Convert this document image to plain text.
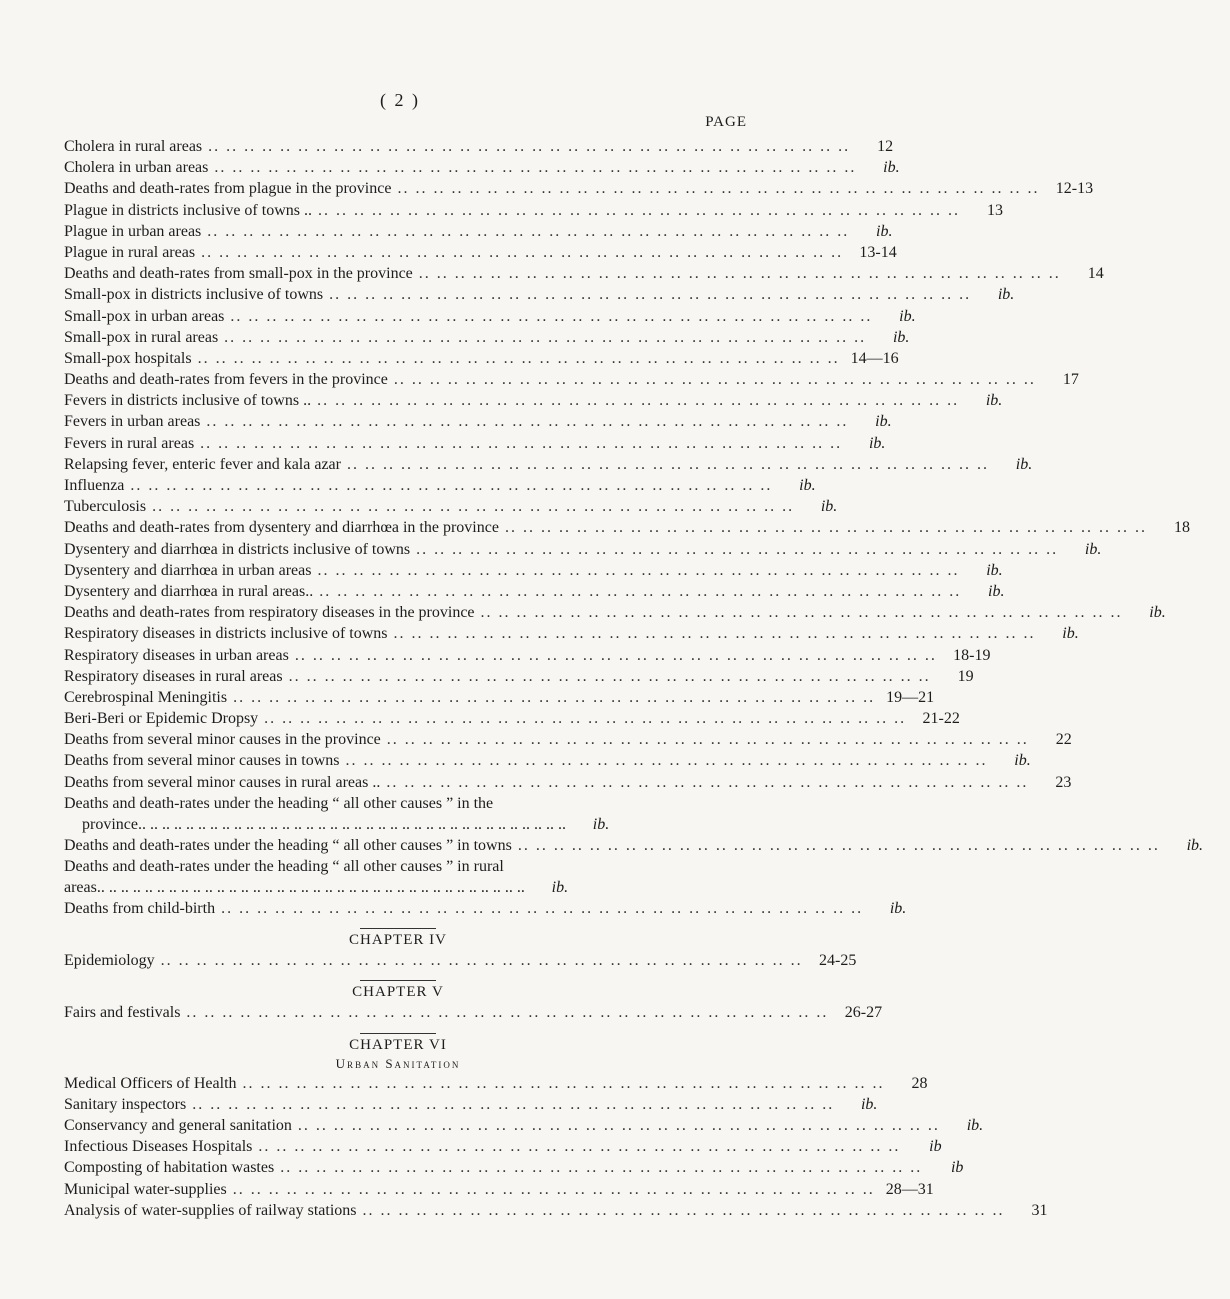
( 2 )
PAGE
Cholera in rural areas .. .. .. .. .. .. .. .. .. .. .. .. .. .. .. .. .. .. .. .. .. .. .. .. .. .. .. .. .. .. .. .. .. .. .. ..	12
Cholera in urban areas .. .. .. .. .. .. .. .. .. .. .. .. .. .. .. .. .. .. .. .. .. .. .. .. .. .. .. .. .. .. .. .. .. .. .. ..	ib.
Deaths and death-rates from plague in the province .. .. .. .. .. .. .. .. .. .. .. .. .. .. .. .. .. .. .. .. .. .. .. .. .. .. .. .. .. .. .. .. .. .. .. ..	12-13
Plague in districts inclusive of towns .. .. .. .. .. .. .. .. .. .. .. .. .. .. .. .. .. .. .. .. .. .. .. .. .. .. .. .. .. .. .. .. .. .. .. .. ..	13
Plague in urban areas .. .. .. .. .. .. .. .. .. .. .. .. .. .. .. .. .. .. .. .. .. .. .. .. .. .. .. .. .. .. .. .. .. .. .. ..	ib.
Plague in rural areas .. .. .. .. .. .. .. .. .. .. .. .. .. .. .. .. .. .. .. .. .. .. .. .. .. .. .. .. .. .. .. .. .. .. .. ..	13-14
Deaths and death-rates from small-pox in the province .. .. .. .. .. .. .. .. .. .. .. .. .. .. .. .. .. .. .. .. .. .. .. .. .. .. .. .. .. .. .. .. .. .. .. ..	14
Small-pox in districts inclusive of towns .. .. .. .. .. .. .. .. .. .. .. .. .. .. .. .. .. .. .. .. .. .. .. .. .. .. .. .. .. .. .. .. .. .. .. ..	ib.
Small-pox in urban areas .. .. .. .. .. .. .. .. .. .. .. .. .. .. .. .. .. .. .. .. .. .. .. .. .. .. .. .. .. .. .. .. .. .. .. ..	ib.
Small-pox in rural areas .. .. .. .. .. .. .. .. .. .. .. .. .. .. .. .. .. .. .. .. .. .. .. .. .. .. .. .. .. .. .. .. .. .. .. ..	ib.
Small-pox hospitals .. .. .. .. .. .. .. .. .. .. .. .. .. .. .. .. .. .. .. .. .. .. .. .. .. .. .. .. .. .. .. .. .. .. .. .. 14—16
Deaths and death-rates from fevers in the province .. .. .. .. .. .. .. .. .. .. .. .. .. .. .. .. .. .. .. .. .. .. .. .. .. .. .. .. .. .. .. .. .. .. .. ..	17
Fevers in districts inclusive of towns .. .. .. .. .. .. .. .. .. .. .. .. .. .. .. .. .. .. .. .. .. .. .. .. .. .. .. .. .. .. .. .. .. .. .. .. ..	ib.
Fevers in urban areas .. .. .. .. .. .. .. .. .. .. .. .. .. .. .. .. .. .. .. .. .. .. .. .. .. .. .. .. .. .. .. .. .. .. .. ..	ib.
Fevers in rural areas .. .. .. .. .. .. .. .. .. .. .. .. .. .. .. .. .. .. .. .. .. .. .. .. .. .. .. .. .. .. .. .. .. .. .. ..	ib.
Relapsing fever, enteric fever and kala azar .. .. .. .. .. .. .. .. .. .. .. .. .. .. .. .. .. .. .. .. .. .. .. .. .. .. .. .. .. .. .. .. .. .. .. ..	ib.
Influenza .. .. .. .. .. .. .. .. .. .. .. .. .. .. .. .. .. .. .. .. .. .. .. .. .. .. .. .. .. .. .. .. .. .. .. ..	ib.
Tuberculosis .. .. .. .. .. .. .. .. .. .. .. .. .. .. .. .. .. .. .. .. .. .. .. .. .. .. .. .. .. .. .. .. .. .. .. ..	ib.
Deaths and death-rates from dysentery and diarrhœa in the province .. .. .. .. .. .. .. .. .. .. .. .. .. .. .. .. .. .. .. .. .. .. .. .. .. .. .. .. .. .. .. .. .. .. .. ..	18
Dysentery and diarrhœa in districts inclusive of towns .. .. .. .. .. .. .. .. .. .. .. .. .. .. .. .. .. .. .. .. .. .. .. .. .. .. .. .. .. .. .. .. .. .. .. ..	ib.
Dysentery and diarrhœa in urban areas .. .. .. .. .. .. .. .. .. .. .. .. .. .. .. .. .. .. .. .. .. .. .. .. .. .. .. .. .. .. .. .. .. .. .. ..	ib.
Dysentery and diarrhœa in rural areas.. .. .. .. .. .. .. .. .. .. .. .. .. .. .. .. .. .. .. .. .. .. .. .. .. .. .. .. .. .. .. .. .. .. .. .. ..	ib.
Deaths and death-rates from respiratory diseases in the province .. .. .. .. .. .. .. .. .. .. .. .. .. .. .. .. .. .. .. .. .. .. .. .. .. .. .. .. .. .. .. .. .. .. .. ..	ib.
Respiratory diseases in districts inclusive of towns .. .. .. .. .. .. .. .. .. .. .. .. .. .. .. .. .. .. .. .. .. .. .. .. .. .. .. .. .. .. .. .. .. .. .. ..	ib.
Respiratory diseases in urban areas .. .. .. .. .. .. .. .. .. .. .. .. .. .. .. .. .. .. .. .. .. .. .. .. .. .. .. .. .. .. .. .. .. .. .. ..	18-19
Respiratory diseases in rural areas .. .. .. .. .. .. .. .. .. .. .. .. .. .. .. .. .. .. .. .. .. .. .. .. .. .. .. .. .. .. .. .. .. .. .. ..	19
Cerebrospinal Meningitis .. .. .. .. .. .. .. .. .. .. .. .. .. .. .. .. .. .. .. .. .. .. .. .. .. .. .. .. .. .. .. .. .. .. .. .. 19—21
Beri-Beri or Epidemic Dropsy .. .. .. .. .. .. .. .. .. .. .. .. .. .. .. .. .. .. .. .. .. .. .. .. .. .. .. .. .. .. .. .. .. .. .. ..	21-22
Deaths from several minor causes in the province .. .. .. .. .. .. .. .. .. .. .. .. .. .. .. .. .. .. .. .. .. .. .. .. .. .. .. .. .. .. .. .. .. .. .. ..	22
Deaths from several minor causes in towns .. .. .. .. .. .. .. .. .. .. .. .. .. .. .. .. .. .. .. .. .. .. .. .. .. .. .. .. .. .. .. .. .. .. .. ..	ib.
Deaths from several minor causes in rural areas .. .. .. .. .. .. .. .. .. .. .. .. .. .. .. .. .. .. .. .. .. .. .. .. .. .. .. .. .. .. .. .. .. .. .. .. ..	23
Deaths and death-rates under the heading “ all other causes ” in the
province .. .. .. .. .. .. .. .. .. .. .. .. .. .. .. .. .. .. .. .. .. .. .. .. .. .. .. .. .. .. .. .. .. .. .. ..	ib.
Deaths and death-rates under the heading “ all other causes ” in towns .. .. .. .. .. .. .. .. .. .. .. .. .. .. .. .. .. .. .. .. .. .. .. .. .. .. .. .. .. .. .. .. .. .. .. ..	ib.
Deaths and death-rates under the heading “ all other causes ” in rural
areas .. .. .. .. .. .. .. .. .. .. .. .. .. .. .. .. .. .. .. .. .. .. .. .. .. .. .. .. .. .. .. .. .. .. .. ..	ib.
Deaths from child-birth .. .. .. .. .. .. .. .. .. .. .. .. .. .. .. .. .. .. .. .. .. .. .. .. .. .. .. .. .. .. .. .. .. .. .. ..	ib.
CHAPTER IV
Epidemiology .. .. .. .. .. .. .. .. .. .. .. .. .. .. .. .. .. .. .. .. .. .. .. .. .. .. .. .. .. .. .. .. .. .. .. ..	24-25
CHAPTER V
Fairs and festivals .. .. .. .. .. .. .. .. .. .. .. .. .. .. .. .. .. .. .. .. .. .. .. .. .. .. .. .. .. .. .. .. .. .. .. ..	26-27
CHAPTER VI
Urban Sanitation
Medical Officers of Health .. .. .. .. .. .. .. .. .. .. .. .. .. .. .. .. .. .. .. .. .. .. .. .. .. .. .. .. .. .. .. .. .. .. .. ..	28
Sanitary inspectors .. .. .. .. .. .. .. .. .. .. .. .. .. .. .. .. .. .. .. .. .. .. .. .. .. .. .. .. .. .. .. .. .. .. .. ..	ib.
Conservancy and general sanitation .. .. .. .. .. .. .. .. .. .. .. .. .. .. .. .. .. .. .. .. .. .. .. .. .. .. .. .. .. .. .. .. .. .. .. ..	ib.
Infectious Diseases Hospitals .. .. .. .. .. .. .. .. .. .. .. .. .. .. .. .. .. .. .. .. .. .. .. .. .. .. .. .. .. .. .. .. .. .. .. ..	ib
Composting of habitation wastes .. .. .. .. .. .. .. .. .. .. .. .. .. .. .. .. .. .. .. .. .. .. .. .. .. .. .. .. .. .. .. .. .. .. .. ..	ib
Municipal water-supplies .. .. .. .. .. .. .. .. .. .. .. .. .. .. .. .. .. .. .. .. .. .. .. .. .. .. .. .. .. .. .. .. .. .. .. .. 28—31
Analysis of water-supplies of railway stations .. .. .. .. .. .. .. .. .. .. .. .. .. .. .. .. .. .. .. .. .. .. .. .. .. .. .. .. .. .. .. .. .. .. .. ..	31
